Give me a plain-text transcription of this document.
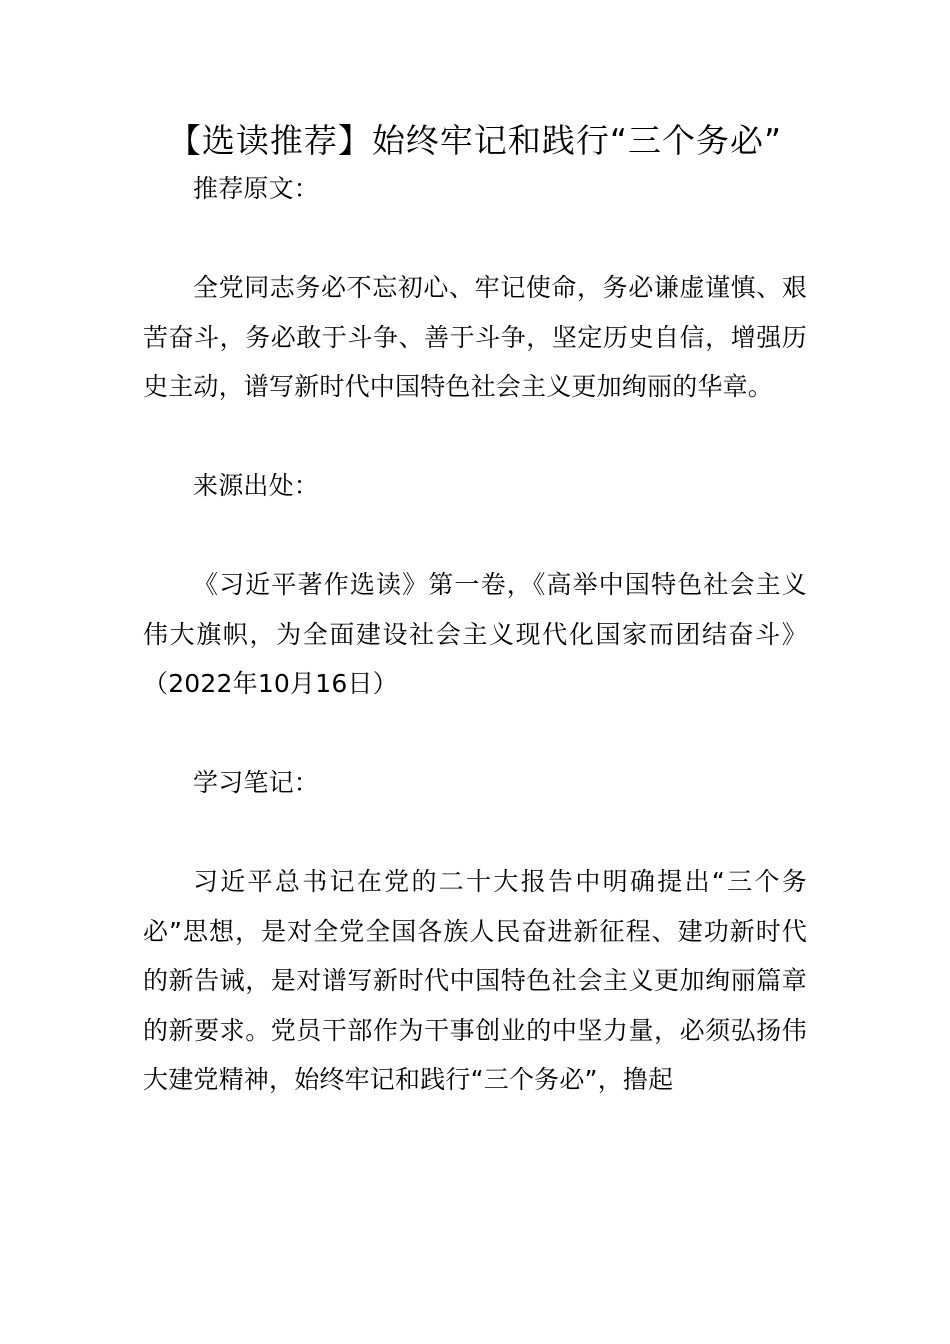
【选读推荐】始终牢记和践行“三个务必”

推荐原文：

全党同志务必不忘初心、牢记使命，务必谦虚谨慎、艰苦奋斗，务必敢于斗争、善于斗争，坚定历史自信，增强历史主动，谱写新时代中国特色社会主义更加绚丽的华章。

来源出处：

《习近平著作选读》第一卷，《高举中国特色社会主义伟大旗帜，为全面建设社会主义现代化国家而团结奋斗》（2022年10月16日）

学习笔记：

习近平总书记在党的二十大报告中明确提出“三个务必”思想，是对全党全国各族人民奋进新征程、建功新时代的新告诫，是对谱写新时代中国特色社会主义更加绚丽篇章的新要求。党员干部作为干事创业的中坚力量，必须弘扬伟大建党精神，始终牢记和践行“三个务必”，撸起
